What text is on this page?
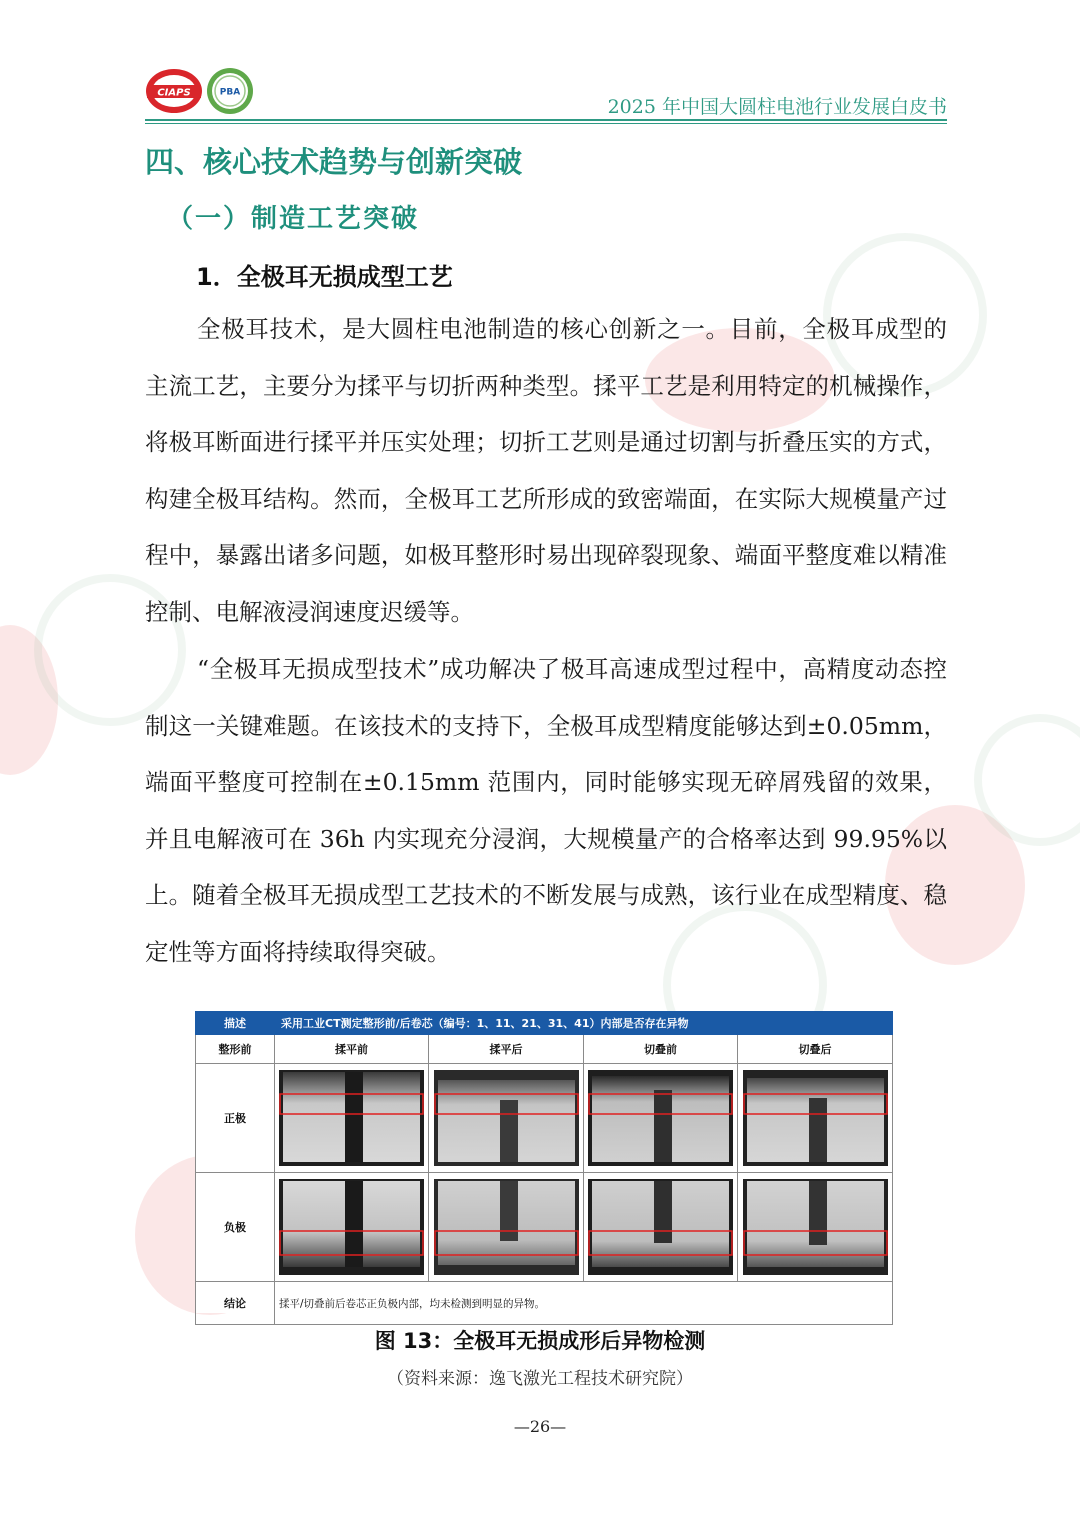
CIAPS	PBA
2025 年中国大圆柱电池行业发展白皮书
四、核心技术趋势与创新突破
（一）制造工艺突破
1．全极耳无损成型工艺

全极耳技术，是大圆柱电池制造的核心创新之一。目前，全极耳成型的主流工艺，主要分为揉平与切折两种类型。揉平工艺是利用特定的机械操作，将极耳断面进行揉平并压实处理；切折工艺则是通过切割与折叠压实的方式，构建全极耳结构。然而，全极耳工艺所形成的致密端面，在实际大规模量产过程中，暴露出诸多问题，如极耳整形时易出现碎裂现象、端面平整度难以精准控制、电解液浸润速度迟缓等。

“全极耳无损成型技术”成功解决了极耳高速成型过程中，高精度动态控制这一关键难题。在该技术的支持下，全极耳成型精度能够达到±0.05mm，端面平整度可控制在±0.15mm 范围内，同时能够实现无碎屑残留的效果，并且电解液可在 36h 内实现充分浸润，大规模量产的合格率达到 99.95%以上。随着全极耳无损成型工艺技术的不断发展与成熟，该行业在成型精度、稳定性等方面将持续取得突破。

描述	采用工业CT测定整形前/后卷芯（编号：1、11、21、31、41）内部是否存在异物			
整形前	揉平前	揉平后	切叠前	切叠后
正极	

负极	

结论	揉平/切叠前后卷芯正负极内部，均未检测到明显的异物。			
图 13：全极耳无损成形后异物检测
（资料来源：逸飞激光工程技术研究院）
—26—
